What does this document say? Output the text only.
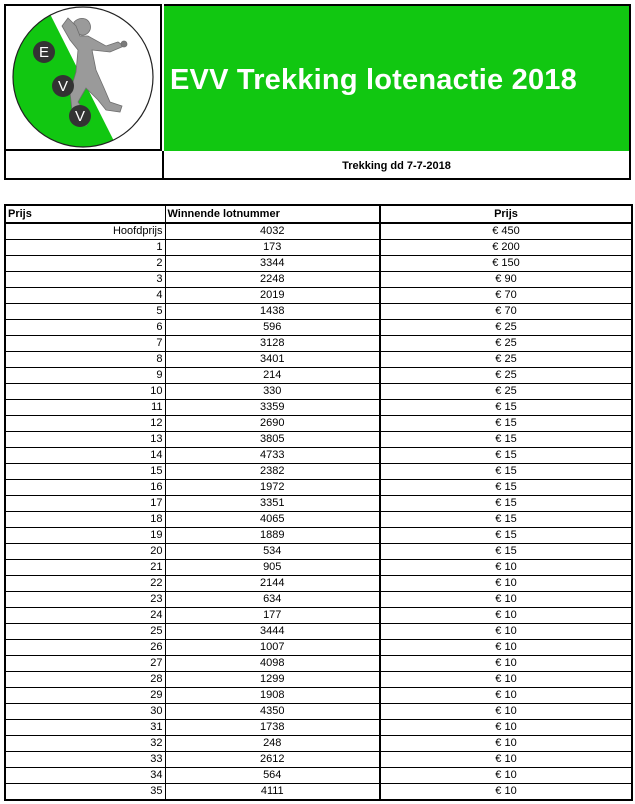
E
V
V
EVV Trekking lotenactie 2018
Trekking dd 7-7-2018
Prijs	Winnende lotnummer	Prijs
Hoofdprijs	4032	€ 450
1	173	€ 200
2	3344	€ 150
3	2248	€ 90
4	2019	€ 70
5	1438	€ 70
6	596	€ 25
7	3128	€ 25
8	3401	€ 25
9	214	€ 25
10	330	€ 25
11	3359	€ 15
12	2690	€ 15
13	3805	€ 15
14	4733	€ 15
15	2382	€ 15
16	1972	€ 15
17	3351	€ 15
18	4065	€ 15
19	1889	€ 15
20	534	€ 15
21	905	€ 10
22	2144	€ 10
23	634	€ 10
24	177	€ 10
25	3444	€ 10
26	1007	€ 10
27	4098	€ 10
28	1299	€ 10
29	1908	€ 10
30	4350	€ 10
31	1738	€ 10
32	248	€ 10
33	2612	€ 10
34	564	€ 10
35	4111	€ 10
